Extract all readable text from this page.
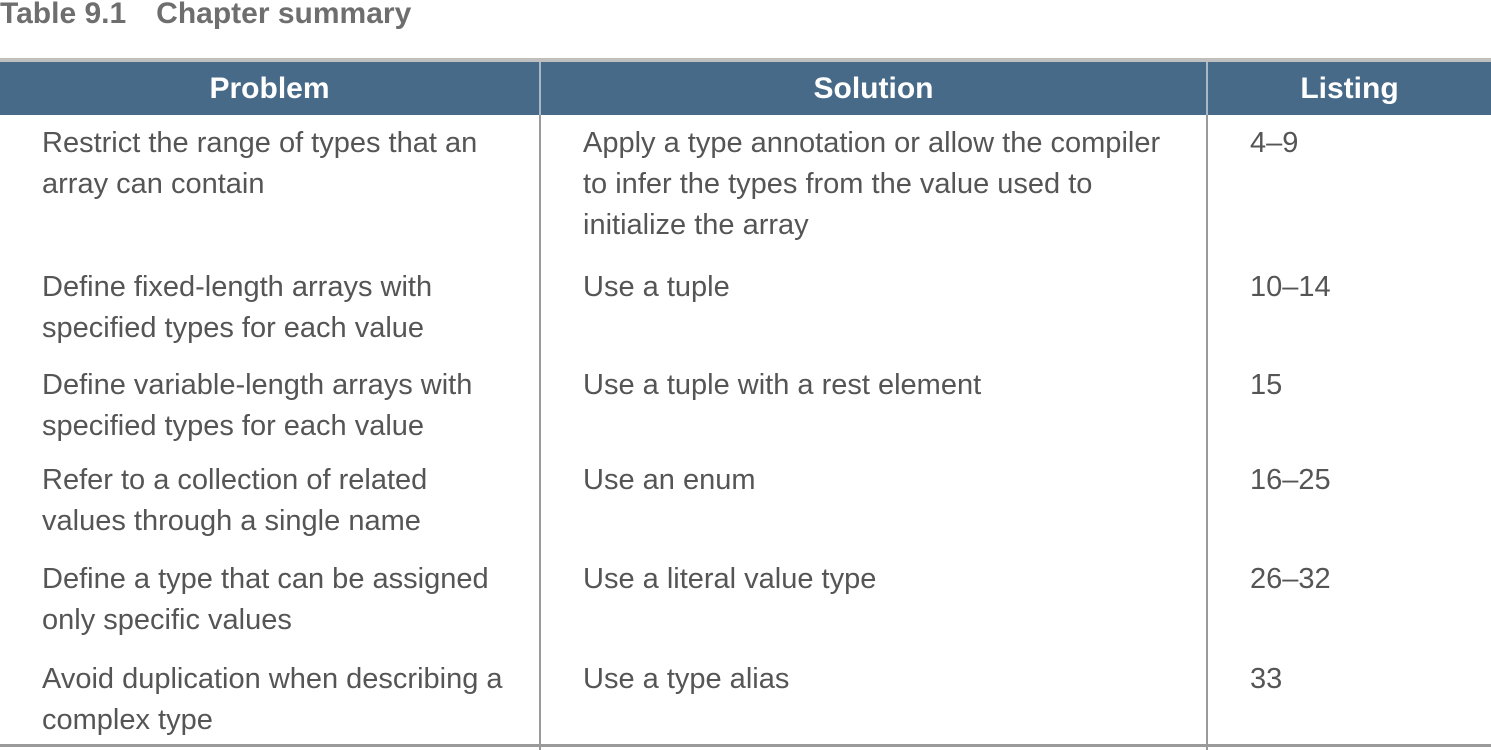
Table 9.1 Chapter summary
Problem	Solution	Listing

Restrict the range of types that an array can contain	Apply a type annotation or allow the compiler to infer the types from the value used to initialize the array	4–9

Define fixed-length arrays with specified types for each value	Use a tuple	10–14

Define variable-length arrays with specified types for each value	Use a tuple with a rest element	15

Refer to a collection of related values through a single name	Use an enum	16–25

Define a type that can be assigned only specific values	Use a literal value type	26–32

Avoid duplication when describing a complex type	Use a type alias	33
